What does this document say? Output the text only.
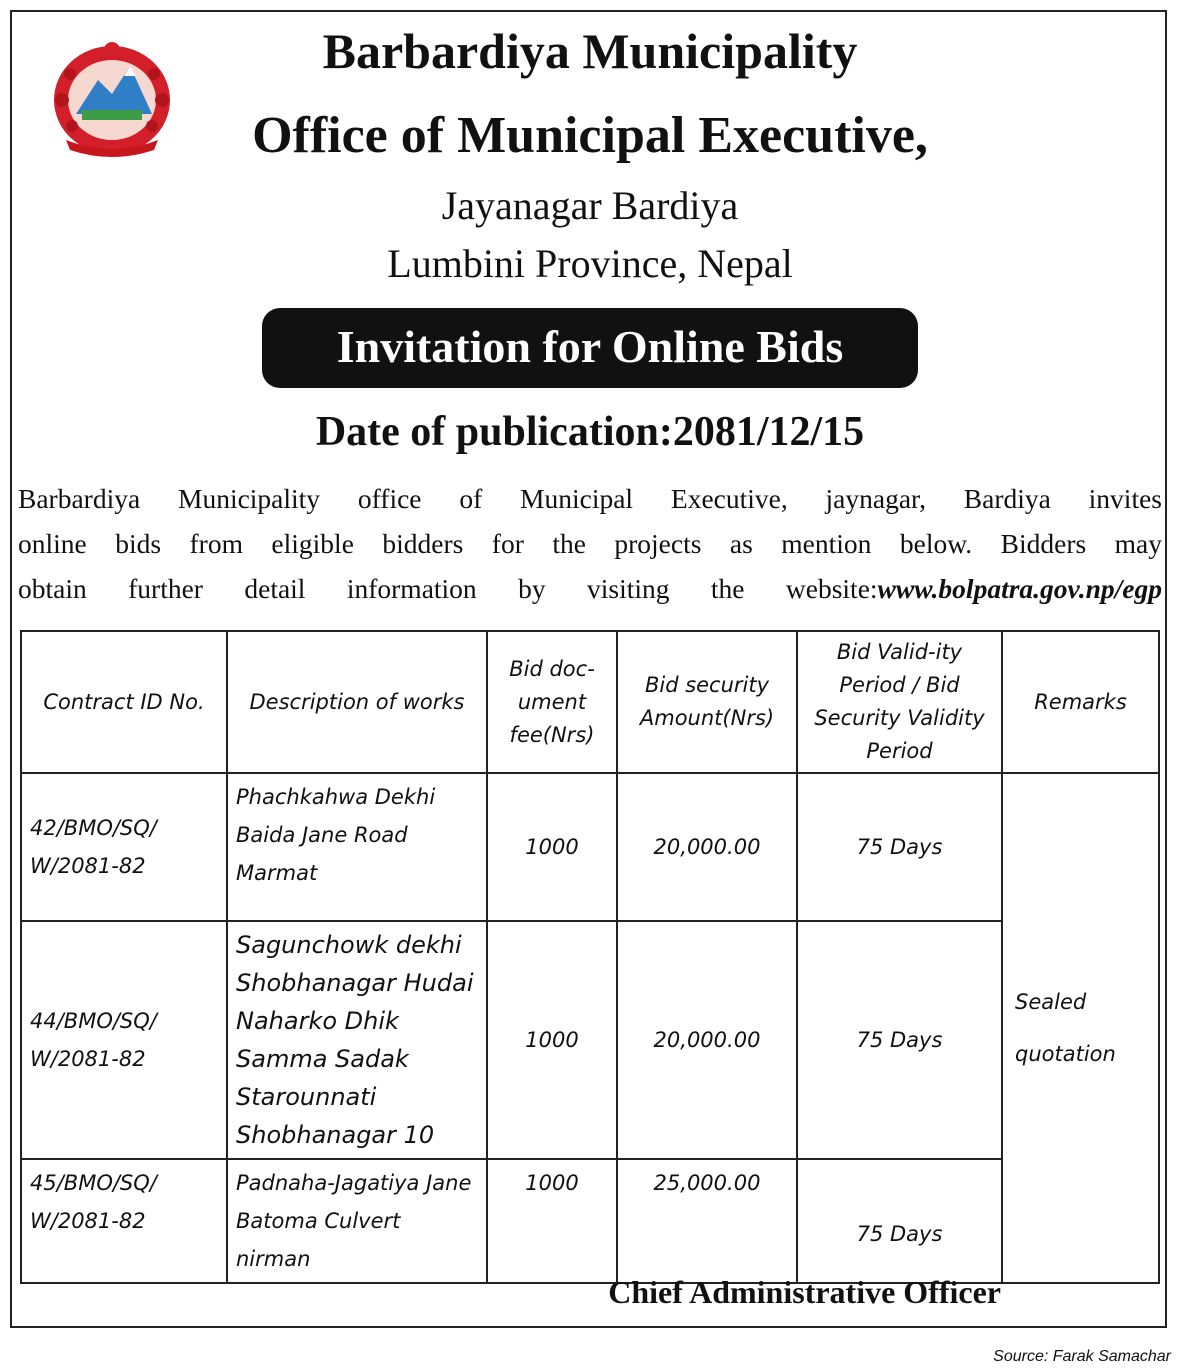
Barbardiya Municipality
Office of Municipal Executive,
Jayanagar Bardiya
Lumbini Province, Nepal
Invitation for Online Bids
Date of publication:2081/12/15
Barbardiya Municipality office of Municipal Executive, jaynagar, Bardiya invites
online bids from eligible bidders for the projects as mention below. Bidders may
obtain further detail information by visiting the website:www.bolpatra.gov.np/egp
Contract ID No.	Description of works	Bid doc-ument fee(Nrs)	Bid security Amount(Nrs)	Bid Valid-ity Period / Bid Security Validity Period	Remarks
42/BMO/SQ/ W/2081-82	Phachkahwa Dekhi Baida Jane Road Marmat	1000	20,000.00	75 Days	Sealed
quotation

44/BMO/SQ/ W/2081-82	Sagunchowk dekhi Shobhanagar Hudai Naharko Dhik Samma Sadak Starounnati Shobhanagar 10	1000	20,000.00	75 Days	
45/BMO/SQ/ W/2081-82	Padnaha-Jagatiya Jane Batoma Culvert nirman	1000	25,000.00	75 Days	
Chief Administrative Officer
Source: Farak Samachar
